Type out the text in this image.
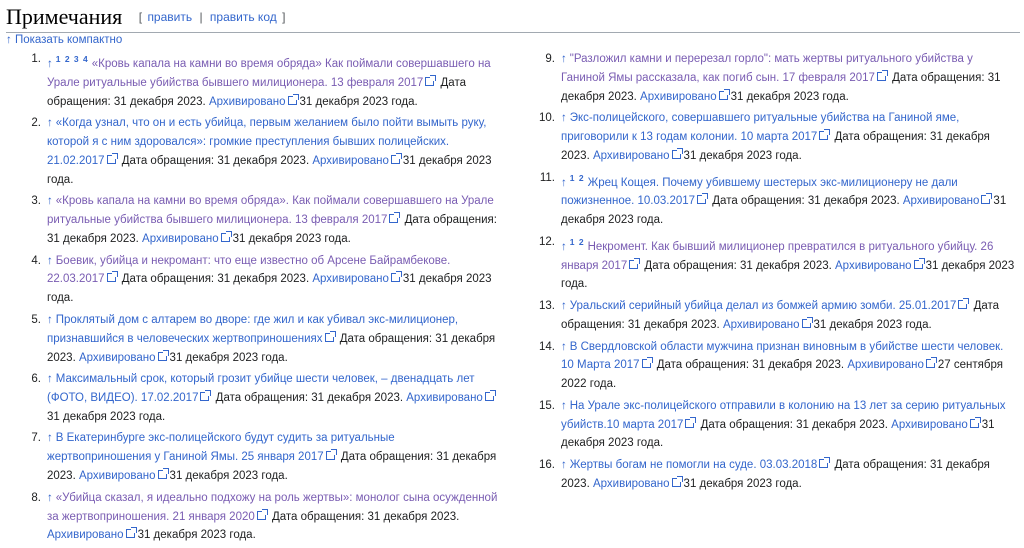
Примечания [ править | править код ]
↑ Показать компактно
1. ↑ $^{1 2 3 4}$ «Кровь капала на камни во время обряда» Как поймали совершавшего на Урале ритуальные убийства бывшего милиционера. 13 февраля 2017 Дата обращения: 31 декабря 2023. Архивировано 31 декабря 2023 года.
2. ↑ «Когда узнал, что он и есть убийца, первым желанием было пойти вымыть руку, которой я с ним здоровался»: громкие преступления бывших полицейских. 21.02.2017 Дата обращения: 31 декабря 2023. Архивировано 31 декабря 2023 года.
3. ↑ «Кровь капала на камни во время обряда». Как поймали совершавшего на Урале ритуальные убийства бывшего милиционера. 13 февраля 2017 Дата обращения: 31 декабря 2023. Архивировано 31 декабря 2023 года.
4. ↑ Боевик, убийца и некромант: что еще известно об Арсене Байрамбекове. 22.03.2017 Дата обращения: 31 декабря 2023. Архивировано 31 декабря 2023 года.
5. ↑ Проклятый дом с алтарем во дворе: где жил и как убивал экс-милиционер, признавшийся в человеческих жертвоприношениях Дата обращения: 31 декабря 2023. Архивировано 31 декабря 2023 года.
6. ↑ Максимальный срок, который грозит убийце шести человек, – двенадцать лет (ФОТО, ВИДЕО). 17.02.2017 Дата обращения: 31 декабря 2023. Архивировано31 декабря 2023 года.
7. ↑ В Екатеринбурге экс-полицейского будут судить за ритуальные жертвоприношения у Ганиной Ямы. 25 января 2017 Дата обращения: 31 декабря 2023. Архивировано 31 декабря 2023 года.
8. ↑ «Убийца сказал, я идеально подхожу на роль жертвы»: монолог сына осужденной за жертвоприношения. 21 января 2020 Дата обращения: 31 декабря 2023. Архивировано 31 декабря 2023 года.
9. ↑ "Разложил камни и перерезал горло": мать жертвы ритуального убийства у Ганиной Ямы рассказала, как погиб сын. 17 февраля 2017 Дата обращения: 31 декабря 2023. Архивировано 31 декабря 2023 года.
10. ↑ Экс-полицейского, совершавшего ритуальные убийства на Ганиной яме, приговорили к 13 годам колонии. 10 марта 2017 Дата обращения: 31 декабря 2023. Архивировано 31 декабря 2023 года.
11. ↑ $^{1 2}$ Жрец Кощея. Почему убившему шестерых экс-милиционеру не дали пожизненное. 10.03.2017 Дата обращения: 31 декабря 2023. Архивировано 31 декабря 2023 года.
12. ↑ $^{1 2}$ Некромент. Как бывший милиционер превратился в ритуального убийцу. 26 января 2017 Дата обращения: 31 декабря 2023. Архивировано 31 декабря 2023 года.
13. ↑ Уральский серийный убийца делал из бомжей армию зомби. 25.01.2017 Дата обращения: 31 декабря 2023. Архивировано 31 декабря 2023 года.
14. ↑ В Свердловской области мужчина признан виновным в убийстве шести человек. 10 Марта 2017 Дата обращения: 31 декабря 2023. Архивировано 27 сентября 2022 года.
15. ↑ На Урале экс-полицейского отправили в колонию на 13 лет за серию ритуальных убийств.10 марта 2017 Дата обращения: 31 декабря 2023. Архивировано 31 декабря 2023 года.
16. ↑ Жертвы богам не помогли на суде. 03.03.2018 Дата обращения: 31 декабря 2023. Архивировано 31 декабря 2023 года.
